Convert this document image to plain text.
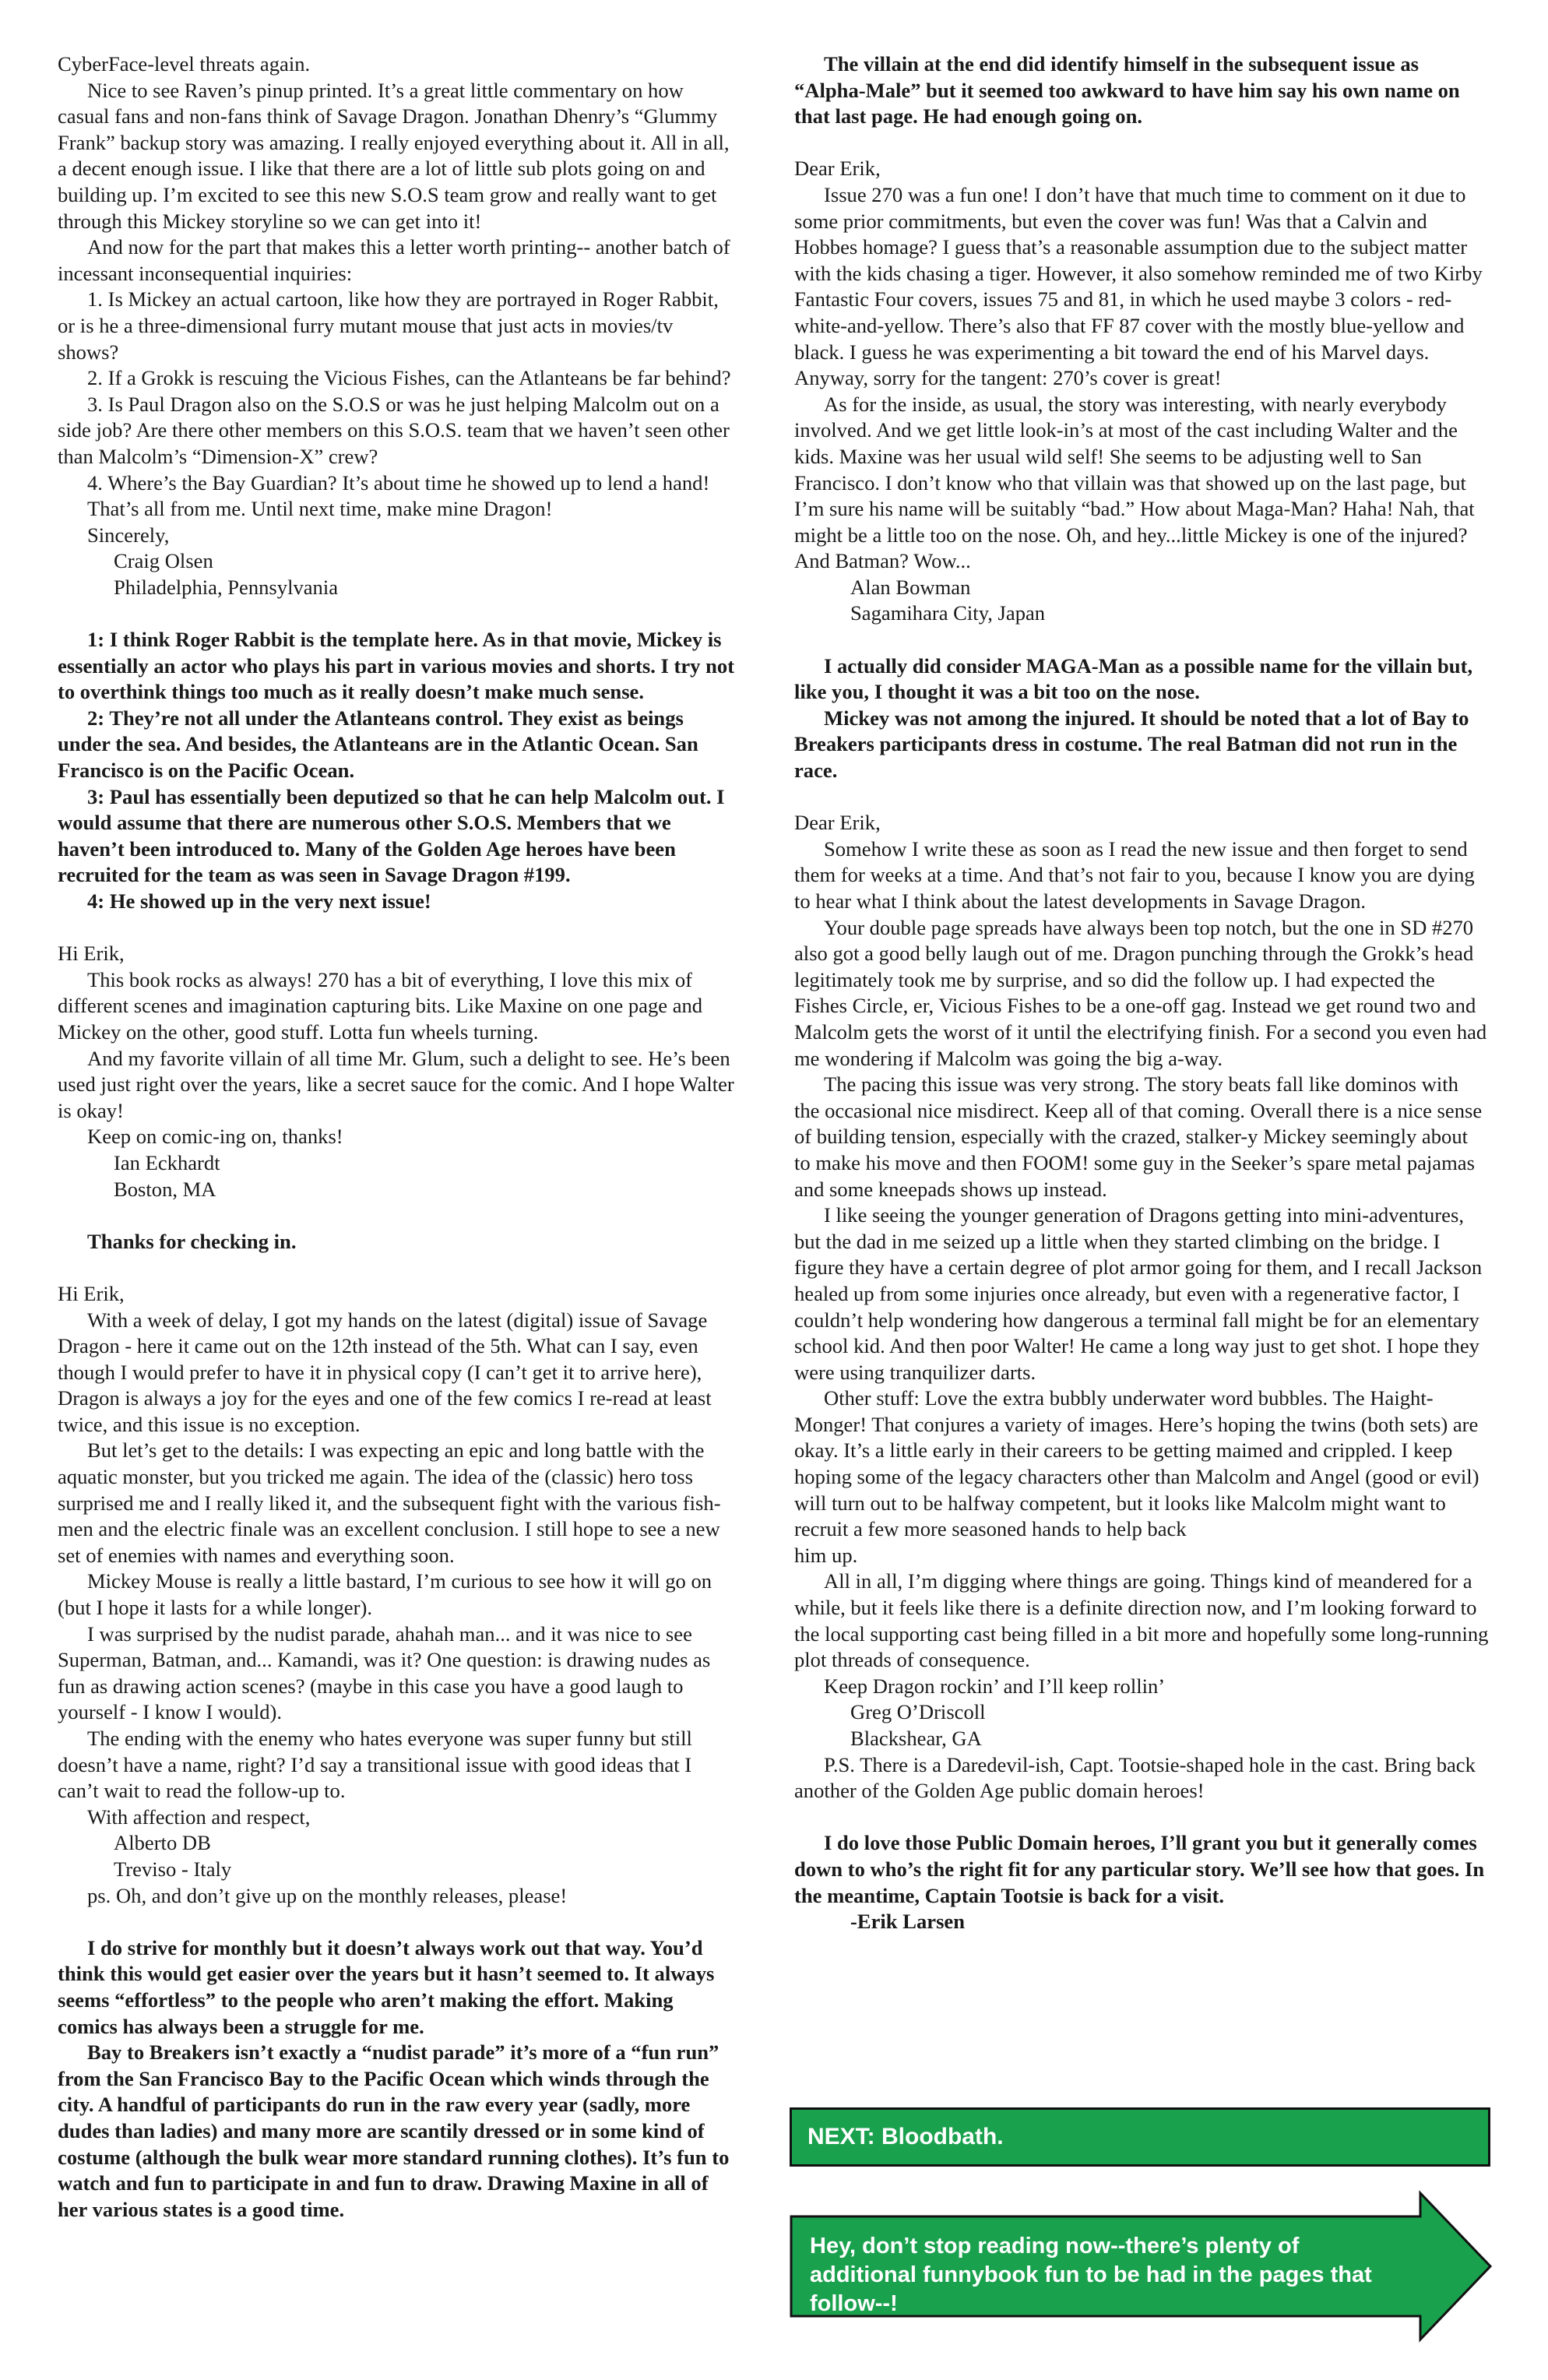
CyberFace-level threats again.

Nice to see Raven’s pinup printed. It’s a great little commentary on how casual fans and non-fans think of Savage Dragon. Jonathan Dhenry’s “Glummy Frank” backup story was amazing. I really enjoyed everything about it. All in all, a decent enough issue. I like that there are a lot of little sub plots going on and building up. I’m excited to see this new S.O.S team grow and really want to get through this Mickey storyline so we can get into it!

And now for the part that makes this a letter worth printing-- another batch of incessant inconsequential inquiries:

1. Is Mickey an actual cartoon, like how they are portrayed in Roger Rabbit, or is he a three-dimensional furry mutant mouse that just acts in movies/tv shows?

2. If a Grokk is rescuing the Vicious Fishes, can the Atlanteans be far behind?

3. Is Paul Dragon also on the S.O.S or was he just helping Malcolm out on a side job? Are there other members on this S.O.S. team that we haven’t seen other than Malcolm’s “Dimension-X” crew?

4. Where’s the Bay Guardian? It’s about time he showed up to lend a hand!

That’s all from me. Until next time, make mine Dragon!

Sincerely,

Craig Olsen

Philadelphia, Pennsylvania

1: I think Roger Rabbit is the template here. As in that movie, Mickey is essentially an actor who plays his part in various movies and shorts. I try not to overthink things too much as it really doesn’t make much sense.

2: They’re not all under the Atlanteans control. They exist as beings under the sea. And besides, the Atlanteans are in the Atlantic Ocean. San Francisco is on the Pacific Ocean.

3: Paul has essentially been deputized so that he can help Malcolm out. I would assume that there are numerous other S.O.S. Members that we haven’t been introduced to. Many of the Golden Age heroes have been recruited for the team as was seen in Savage Dragon #199.

4: He showed up in the very next issue!

Hi Erik,

This book rocks as always! 270 has a bit of everything, I love this mix of different scenes and imagination capturing bits. Like Maxine on one page and Mickey on the other, good stuff. Lotta fun wheels turning.

And my favorite villain of all time Mr. Glum, such a delight to see. He’s been used just right over the years, like a secret sauce for the comic. And I hope Walter is okay!

Keep on comic-ing on, thanks!

Ian Eckhardt

Boston, MA

Thanks for checking in.

Hi Erik,

With a week of delay, I got my hands on the latest (digital) issue of Savage Dragon - here it came out on the 12th instead of the 5th. What can I say, even though I would prefer to have it in physical copy (I can’t get it to arrive here), Dragon is always a joy for the eyes and one of the few comics I re-read at least twice, and this issue is no exception.

But let’s get to the details: I was expecting an epic and long battle with the aquatic monster, but you tricked me again. The idea of the (classic) hero toss surprised me and I really liked it, and the subsequent fight with the various fish-men and the electric finale was an excellent conclusion. I still hope to see a new set of enemies with names and everything soon.

Mickey Mouse is really a little bastard, I’m curious to see how it will go on (but I hope it lasts for a while longer).

I was surprised by the nudist parade, ahahah man... and it was nice to see Superman, Batman, and... Kamandi, was it? One question: is drawing nudes as fun as drawing action scenes? (maybe in this case you have a good laugh to yourself - I know I would).

The ending with the enemy who hates everyone was super funny but still doesn’t have a name, right? I’d say a transitional issue with good ideas that I can’t wait to read the follow-up to.

With affection and respect,

Alberto DB

Treviso - Italy

ps. Oh, and don’t give up on the monthly releases, please!

I do strive for monthly but it doesn’t always work out that way. You’d think this would get easier over the years but it hasn’t seemed to. It always seems “effortless” to the people who aren’t making the effort. Making comics has always been a struggle for me.

Bay to Breakers isn’t exactly a “nudist parade” it’s more of a “fun run” from the San Francisco Bay to the Pacific Ocean which winds through the city. A handful of participants do run in the raw every year (sadly, more dudes than ladies) and many more are scantily dressed or in some kind of costume (although the bulk wear more standard running clothes). It’s fun to watch and fun to participate in and fun to draw. Drawing Maxine in all of her various states is a good time.

The villain at the end did identify himself in the subsequent issue as “Alpha-Male” but it seemed too awkward to have him say his own name on that last page. He had enough going on.

Dear Erik,

Issue 270 was a fun one! I don’t have that much time to comment on it due to some prior commitments, but even the cover was fun! Was that a Calvin and Hobbes homage? I guess that’s a reasonable assumption due to the subject matter with the kids chasing a tiger. However, it also somehow reminded me of two Kirby Fantastic Four covers, issues 75 and 81, in which he used maybe 3 colors - red-white-and-yellow. There’s also that FF 87 cover with the mostly blue-yellow and black. I guess he was experimenting a bit toward the end of his Marvel days. Anyway, sorry for the tangent: 270’s cover is great!

As for the inside, as usual, the story was interesting, with nearly everybody involved. And we get little look-in’s at most of the cast including Walter and the kids. Maxine was her usual wild self! She seems to be adjusting well to San Francisco. I don’t know who that villain was that showed up on the last page, but I’m sure his name will be suitably “bad.” How about Maga-Man? Haha! Nah, that might be a little too on the nose. Oh, and hey...little Mickey is one of the injured? And Batman? Wow...

Alan Bowman

Sagamihara City, Japan

I actually did consider MAGA-Man as a possible name for the villain but, like you, I thought it was a bit too on the nose.

Mickey was not among the injured. It should be noted that a lot of Bay to Breakers participants dress in costume. The real Batman did not run in the race.

Dear Erik,

Somehow I write these as soon as I read the new issue and then forget to send them for weeks at a time. And that’s not fair to you, because I know you are dying to hear what I think about the latest developments in Savage Dragon.

Your double page spreads have always been top notch, but the one in SD #270 also got a good belly laugh out of me. Dragon punching through the Grokk’s head legitimately took me by surprise, and so did the follow up. I had expected the Fishes Circle, er, Vicious Fishes to be a one-off gag. Instead we get round two and Malcolm gets the worst of it until the electrifying finish. For a second you even had me wondering if Malcolm was going the big a-way.

The pacing this issue was very strong. The story beats fall like dominos with the occasional nice misdirect. Keep all of that coming. Overall there is a nice sense of building tension, especially with the crazed, stalker-y Mickey seemingly about to make his move and then FOOM! some guy in the Seeker’s spare metal pajamas and some kneepads shows up instead.

I like seeing the younger generation of Dragons getting into mini-adventures, but the dad in me seized up a little when they started climbing on the bridge. I figure they have a certain degree of plot armor going for them, and I recall Jackson healed up from some injuries once already, but even with a regenerative factor, I couldn’t help wondering how dangerous a terminal fall might be for an elementary school kid. And then poor Walter! He came a long way just to get shot. I hope they were using tranquilizer darts.

Other stuff: Love the extra bubbly underwater word bubbles. The Haight-Monger! That conjures a variety of images. Here’s hoping the twins (both sets) are okay. It’s a little early in their careers to be getting maimed and crippled. I keep hoping some of the legacy characters other than Malcolm and Angel (good or evil) will turn out to be halfway competent, but it looks like Malcolm might want to recruit a few more seasoned hands to help back

him up.

All in all, I’m digging where things are going. Things kind of meandered for a while, but it feels like there is a definite direction now, and I’m looking forward to the local supporting cast being filled in a bit more and hopefully some long-running plot threads of consequence.

Keep Dragon rockin’ and I’ll keep rollin’

Greg O’Driscoll

Blackshear, GA

P.S. There is a Daredevil-ish, Capt. Tootsie-shaped hole in the cast. Bring back another of the Golden Age public domain heroes!

I do love those Public Domain heroes, I’ll grant you but it generally comes down to who’s the right fit for any particular story. We’ll see how that goes. In the meantime, Captain Tootsie is back for a visit.

-Erik Larsen

NEXT: Bloodbath.
Hey, don’t stop reading now--there’s plenty of additional funnybook fun to be had in the pages that follow--!
